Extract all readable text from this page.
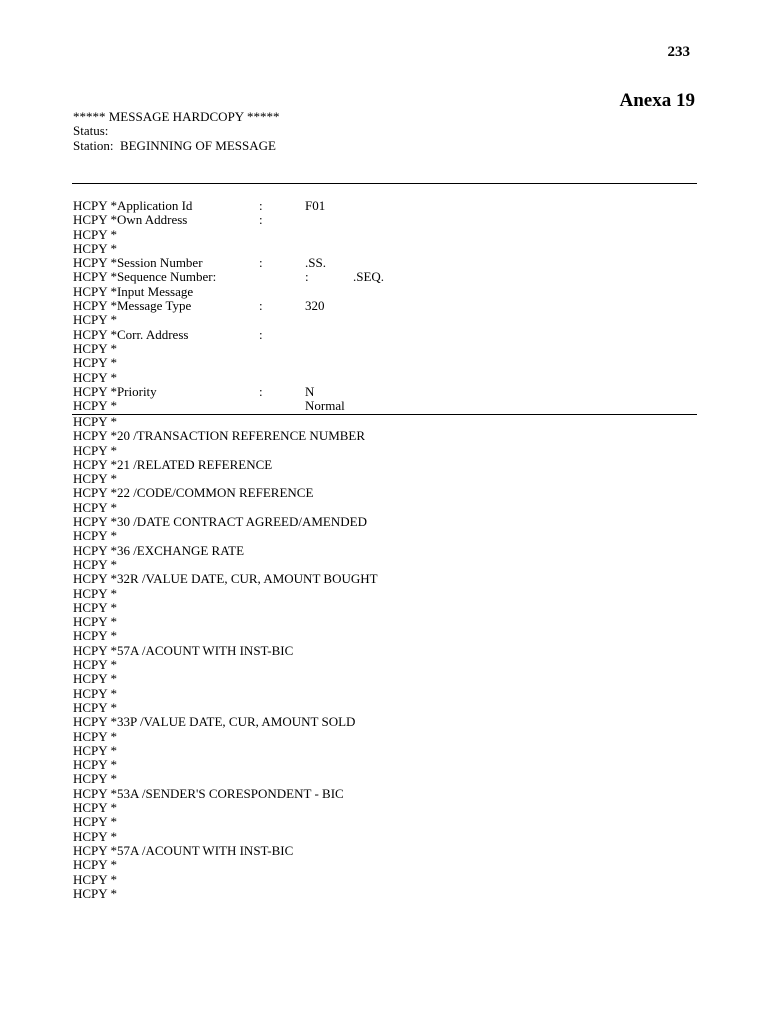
233
Anexa 19
***** MESSAGE HARDCOPY *****
Status:
Station:  BEGINNING OF MESSAGE
HCPY *Application Id	:	F01
HCPY *Own Address	:
HCPY *
HCPY *
HCPY *Session Number	:	.SS.
HCPY *Sequence Number:	:	.SEQ.
HCPY *Input Message
HCPY *Message Type	:	320
HCPY *
HCPY *Corr. Address	:
HCPY *
HCPY *
HCPY *
HCPY *Priority	:	N
HCPY *	Normal
HCPY *
HCPY *20 /TRANSACTION REFERENCE NUMBER
HCPY *
HCPY *21 /RELATED REFERENCE
HCPY *
HCPY *22 /CODE/COMMON REFERENCE
HCPY *
HCPY *30 /DATE CONTRACT AGREED/AMENDED
HCPY *
HCPY *36 /EXCHANGE RATE
HCPY *
HCPY *32R /VALUE DATE, CUR, AMOUNT BOUGHT
HCPY *
HCPY *
HCPY *
HCPY *
HCPY *57A /ACOUNT WITH INST-BIC
HCPY *
HCPY *
HCPY *
HCPY *
HCPY *33P /VALUE DATE, CUR, AMOUNT SOLD
HCPY *
HCPY *
HCPY *
HCPY *
HCPY *53A /SENDER'S CORESPONDENT - BIC
HCPY *
HCPY *
HCPY *
HCPY *57A /ACOUNT WITH INST-BIC
HCPY *
HCPY *
HCPY *
